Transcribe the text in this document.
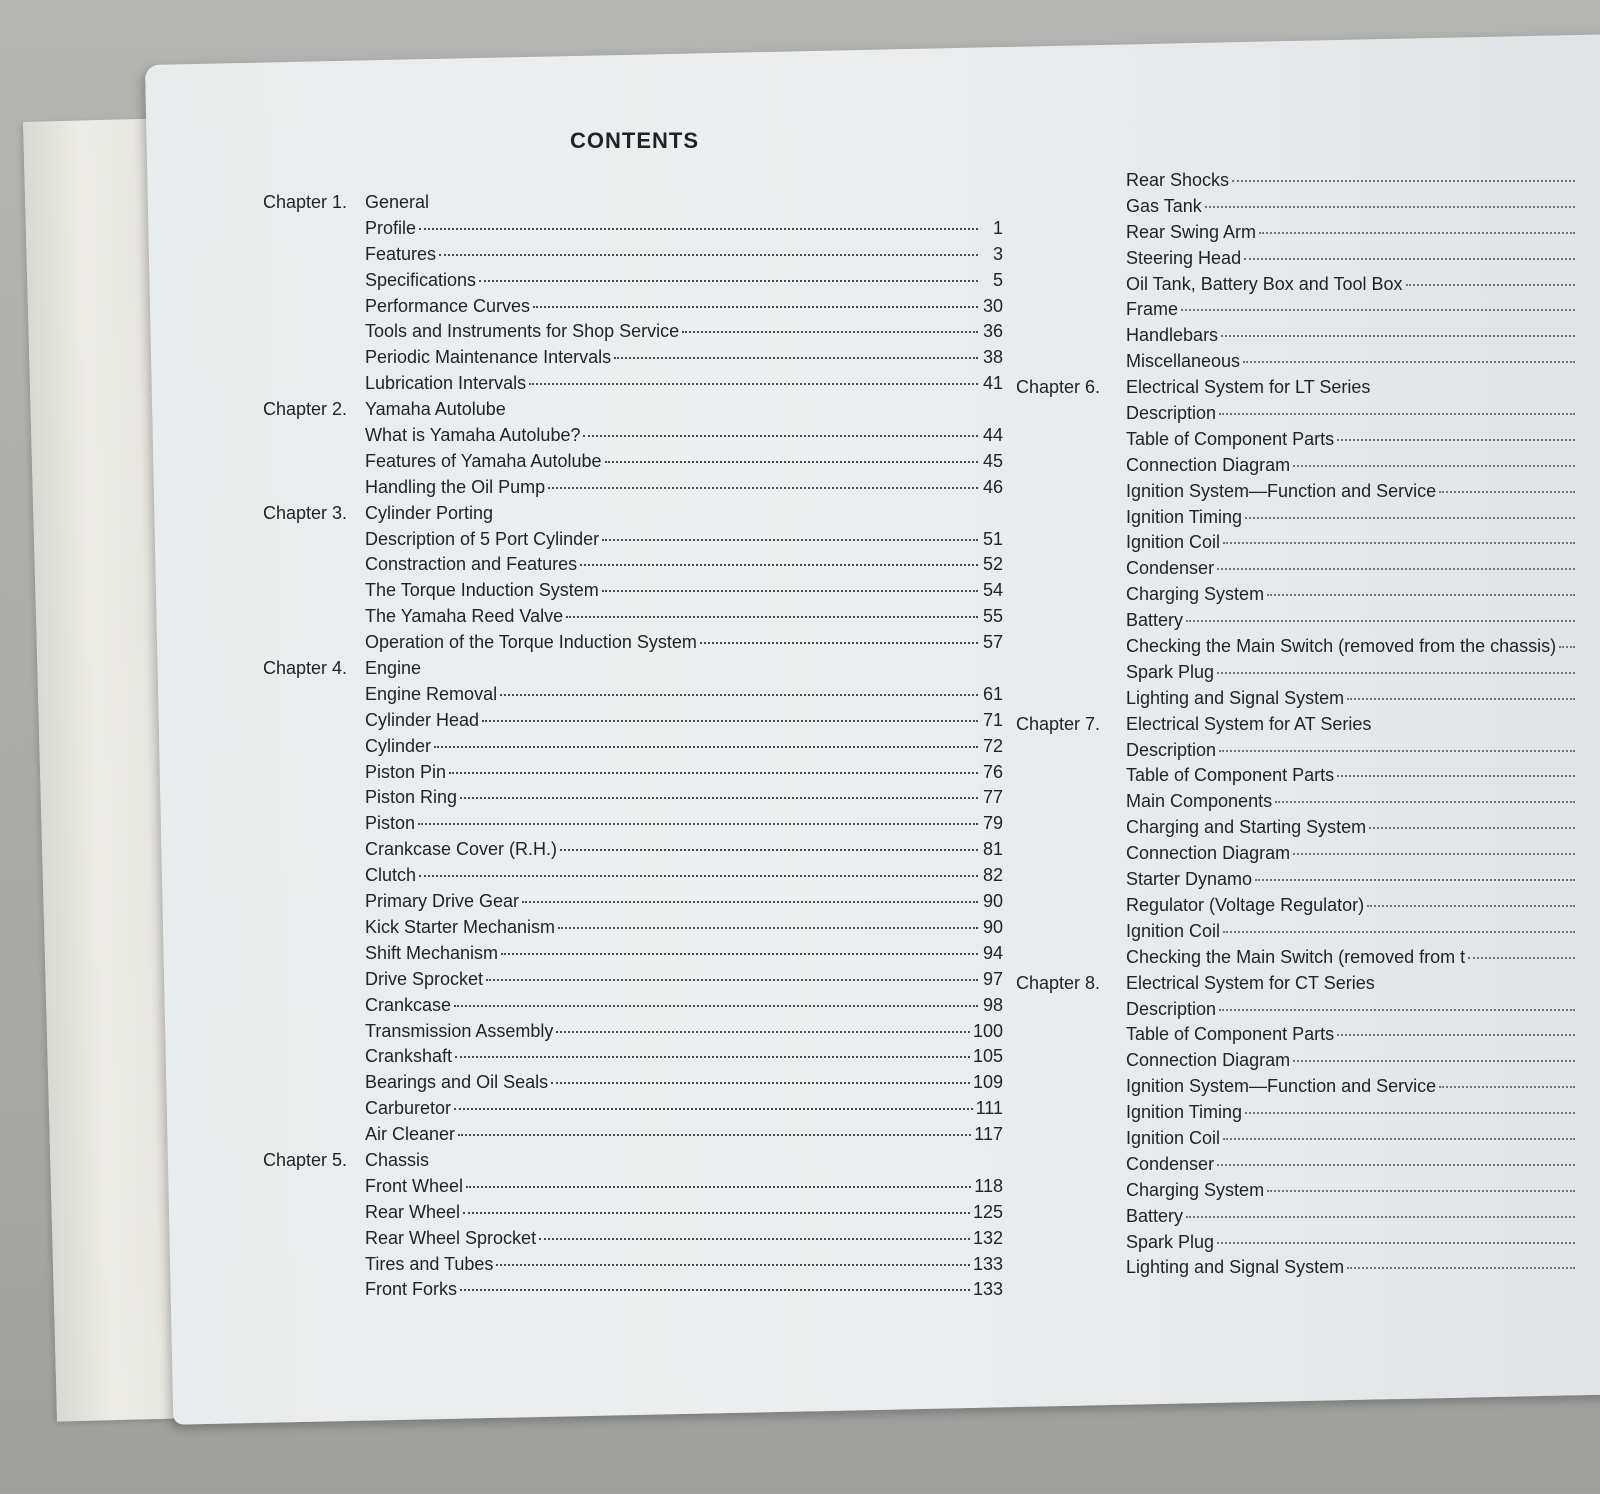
CONTENTS
Chapter 1. General
Profile	1
Features	3
Specifications	5
Performance Curves	30
Tools and Instruments for Shop Service	36
Periodic Maintenance Intervals	38
Lubrication Intervals	41
Chapter 2. Yamaha Autolube
What is Yamaha Autolube?	44
Features of Yamaha Autolube	45
Handling the Oil Pump	46
Chapter 3. Cylinder Porting
Description of 5 Port Cylinder	51
Constraction and Features	52
The Torque Induction System	54
The Yamaha Reed Valve	55
Operation of the Torque Induction System	57
Chapter 4. Engine
Engine Removal	61
Cylinder Head	71
Cylinder	72
Piston Pin	76
Piston Ring	77
Piston	79
Crankcase Cover (R.H.)	81
Clutch	82
Primary Drive Gear	90
Kick Starter Mechanism	90
Shift Mechanism	94
Drive Sprocket	97
Crankcase	98
Transmission Assembly	100
Crankshaft	105
Bearings and Oil Seals	109
Carburetor	111
Air Cleaner	117
Chapter 5. Chassis
Front Wheel	118
Rear Wheel	125
Rear Wheel Sprocket	132
Tires and Tubes	133
Front Forks	133
Rear Shocks
Gas Tank
Rear Swing Arm
Steering Head
Oil Tank, Battery Box and Tool Box
Frame
Handlebars
Miscellaneous
Chapter 6.	Electrical System for LT Series
Description
Table of Component Parts
Connection Diagram
Ignition System—Function and Service
Ignition Timing
Ignition Coil
Condenser
Charging System
Battery
Checking the Main Switch (removed from the chassis)
Spark Plug
Lighting and Signal System
Chapter 7.	Electrical System for AT Series
Description
Table of Component Parts
Main Components
Charging and Starting System
Connection Diagram
Starter Dynamo
Regulator (Voltage Regulator)
Ignition Coil
Checking the Main Switch (removed from t
Chapter 8.	Electrical System for CT Series
Description
Table of Component Parts
Connection Diagram
Ignition System—Function and Service
Ignition Timing
Ignition Coil
Condenser
Charging System
Battery
Spark Plug
Lighting and Signal System
